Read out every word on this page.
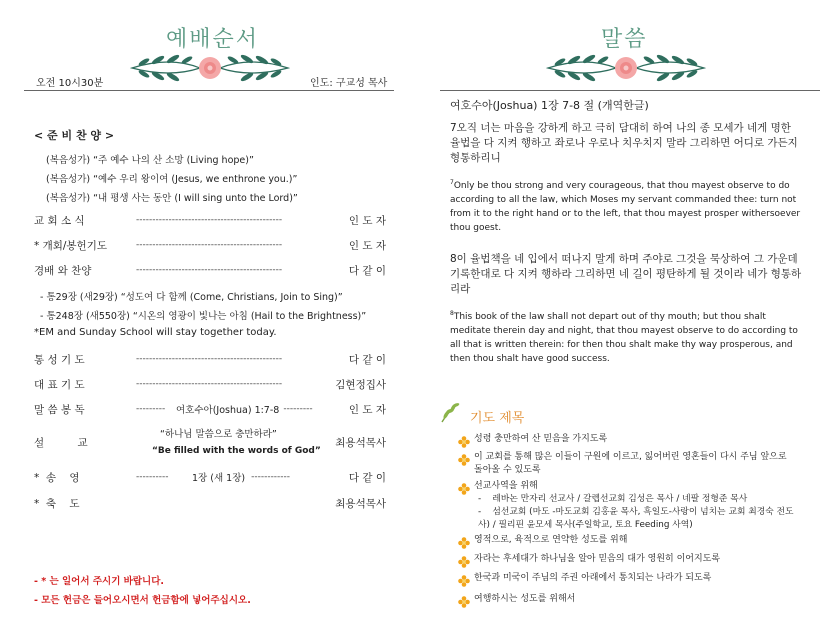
예배순서
오전 10시30분	인도: 구교성 목사
< 준 비 찬 양 >
(복음성가) “주 예수 나의 산 소망 (Living hope)”
(복음성가) “예수 우리 왕이여 (Jesus, we enthrone you.)”
(복음성가) “내 평생 사는 동안 (I will sing unto the Lord)”
교 회 소 식	---------------------------------------------	인 도 자
* 개회/봉헌기도	---------------------------------------------	인 도 자
경배 와 찬양	---------------------------------------------	다 같 이
- 통29장 (새29장) “성도여 다 함께 (Come, Christians, Join to Sing)”
- 통248장 (새550장) “시온의 영광이 빛나는 아침 (Hail to the Brightness)”
*EM and Sunday School will stay together today.
통 성 기 도	---------------------------------------------	다 같 이
대 표 기 도	---------------------------------------------	김현정집사
말 씀 봉 독	---------	여호수아(Joshua) 1:7-8 ---------	인 도 자
설          교	최용석목사
“하나님 말씀으로 충만하라”
“Be filled with the words of God”
*  송    영	----------	1장 (새 1장) ------------	다 같 이
*  축    도	최용석목사
- * 는 일어서 주시기 바랍니다.
- 모든 헌금은 들어오시면서 헌금함에 넣어주십시오.
말씀
여호수아(Joshua) 1장 7-8 절 (개역한글)
7오직 너는 마음을 강하게 하고 극히 담대히 하여 나의 종 모세가 네게 명한 율법을 다 지켜 행하고 좌로나 우로나 치우치지 말라 그리하면 어디로 가든지 형통하리니
$^7$Only be thou strong and very courageous, that thou mayest observe to do according to all the law, which Moses my servant commanded thee: turn not from it to the right hand or to the left, that thou mayest prosper withersoever thou goest.
8이 율법책을 네 입에서 떠나지 말게 하며 주야로 그것을 묵상하여 그 가운데 기록한대로 다 지켜 행하라 그리하면 네 길이 평탄하게 될 것이라 네가 형통하리라
$^8$This book of the law shall not depart out of thy mouth; but thou shalt meditate therein day and night, that thou mayest observe to do according to all that is written therein: for then thou shalt make thy way prosperous, and then thou shalt have good success.
기도 제목
성령 충만하여 산 믿음을 가지도록
이 교회를 통해 많은 이들이 구원에 이르고, 잃어버린 영혼들이 다시 주님 앞으로 돌아올 수 있도록
선교사역을 위해
-    레바논 만자리 선교사 / 갈렙선교회 김성은 목사 / 네팔 정형준 목사
-    섬선교회 (마도 -마도교회 김홍윤 목사, 흑일도-사랑이 넘치는 교회 최경숙 전도사) / 필리핀 윤모세 목사(주일학교, 토요 Feeding 사역)
영적으로, 육적으로 연약한 성도를 위해
자라는 후세대가 하나님을 알아 믿음의 대가 영원히 이어지도록
한국과 미국이 주님의 주권 아래에서 통치되는 나라가 되도록
여행하시는 성도를 위해서
